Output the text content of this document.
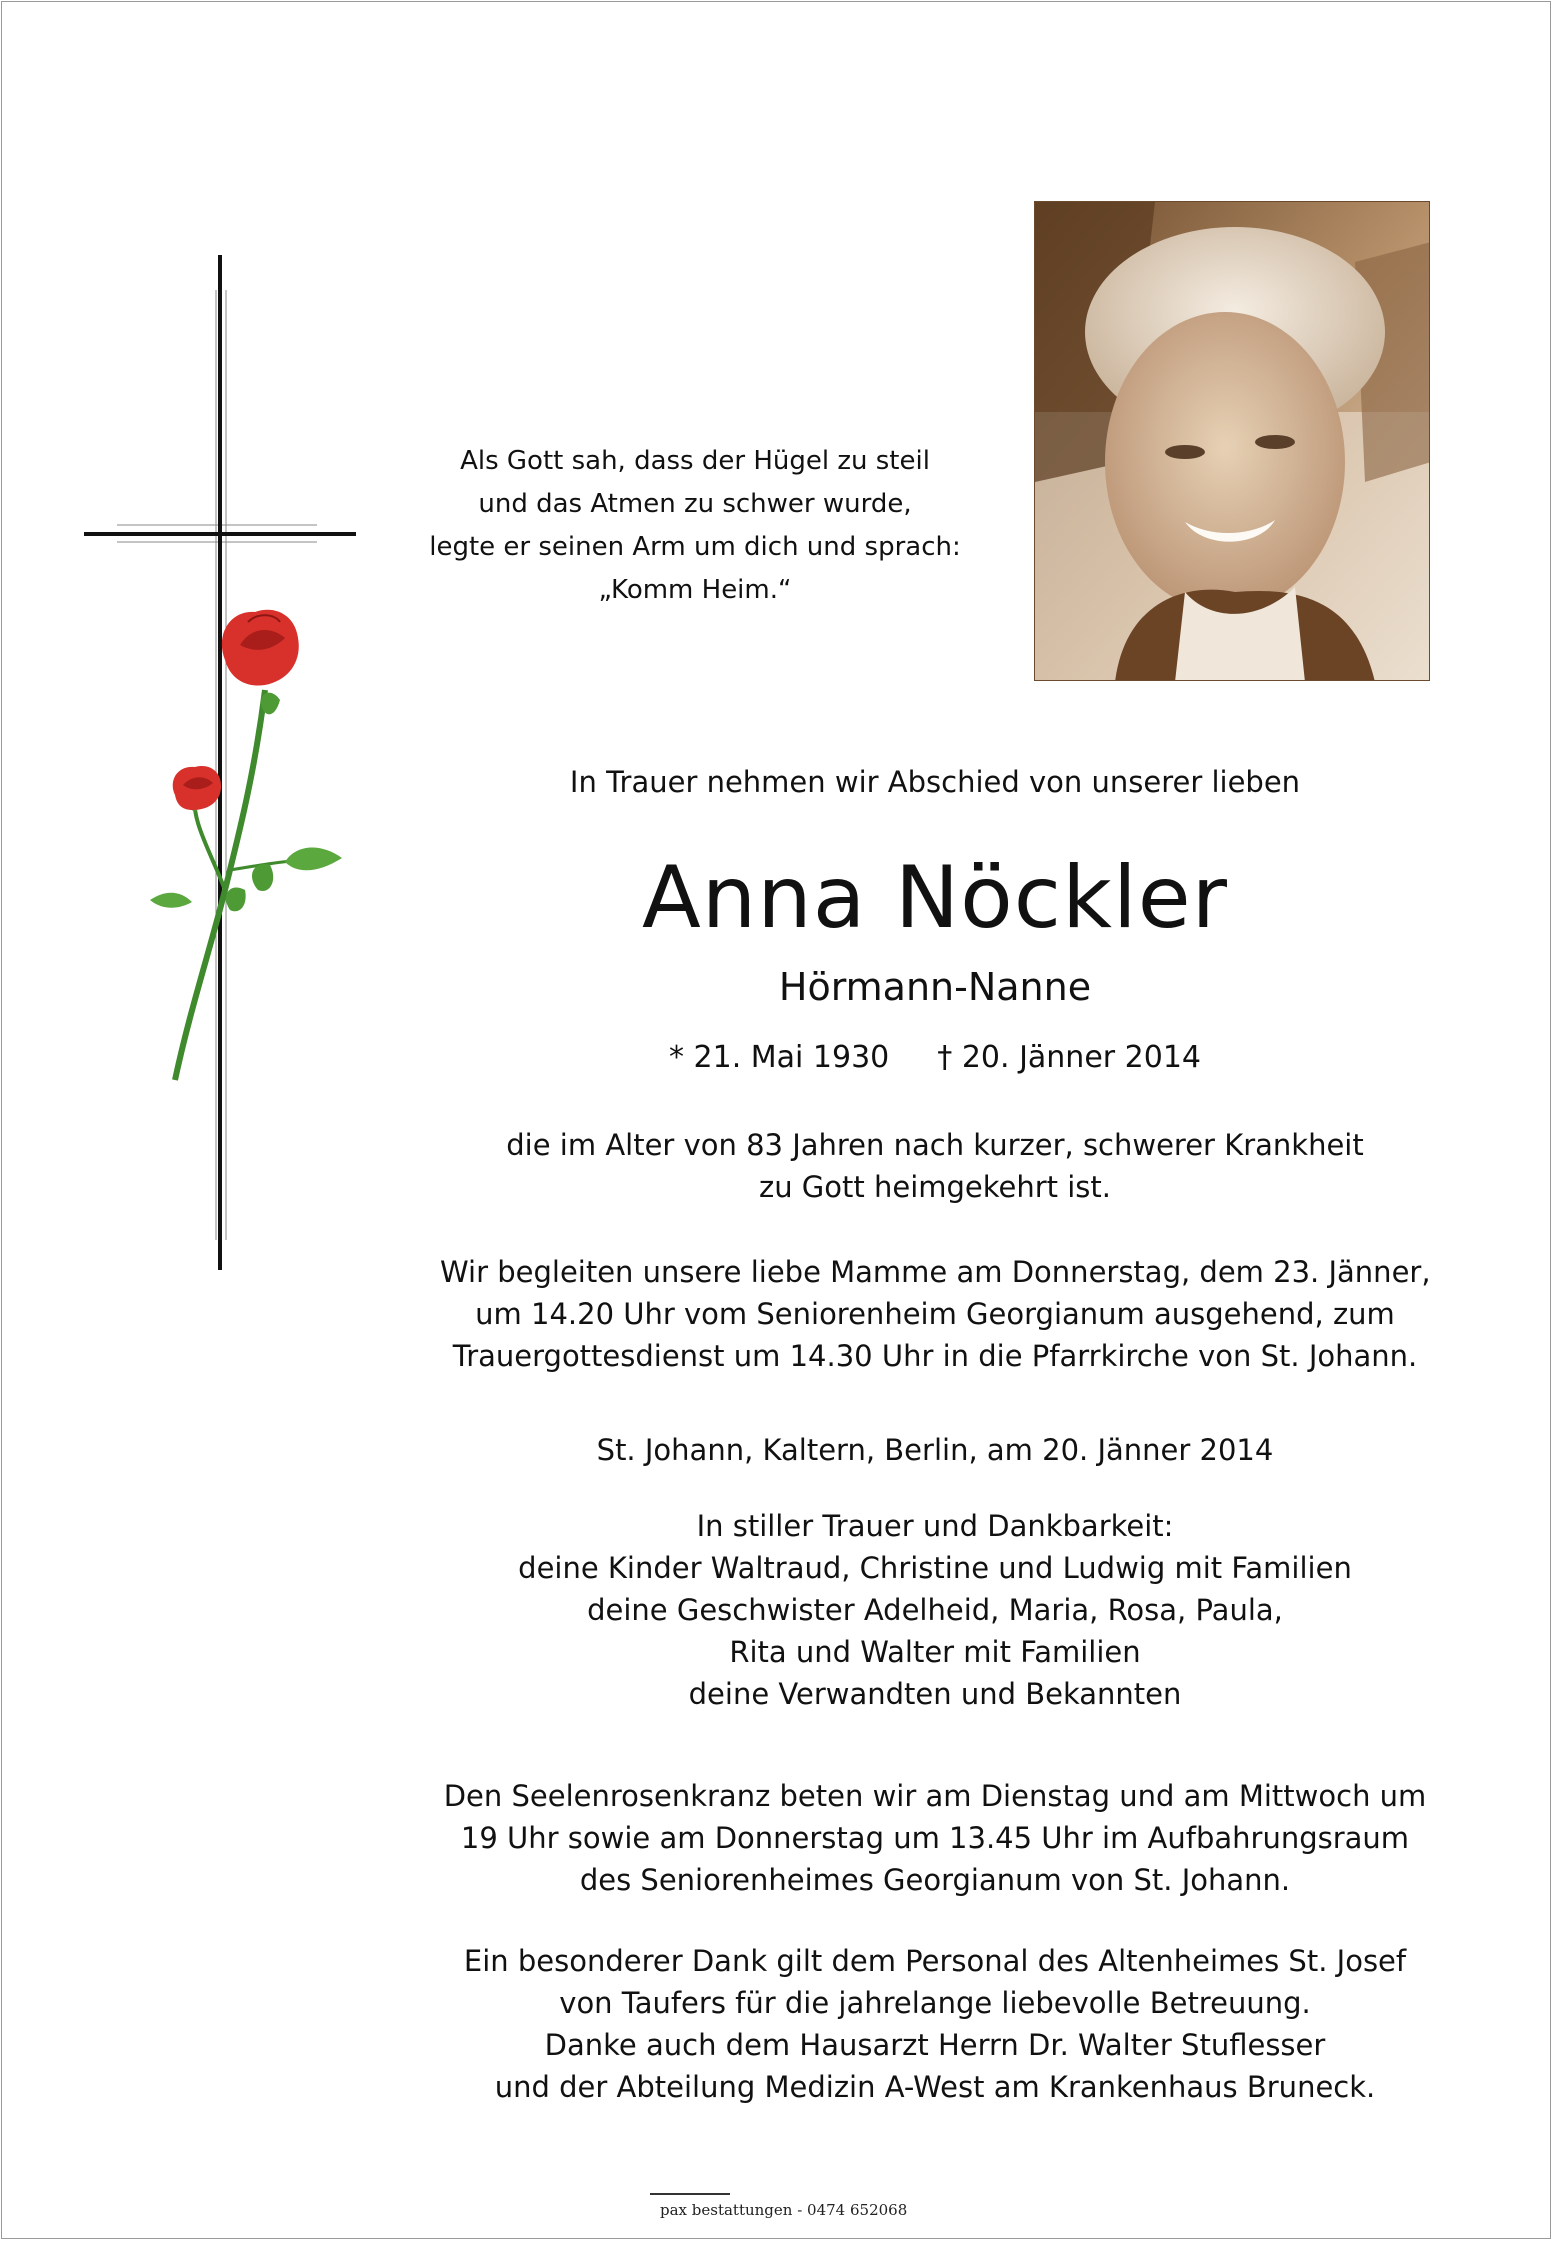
Als Gott sah, dass der Hügel zu steil
und das Atmen zu schwer wurde,
legte er seinen Arm um dich und sprach:
„Komm Heim.“
In Trauer nehmen wir Abschied von unserer lieben
Anna Nöckler
Hörmann-Nanne
* 21. Mai 1930 † 20. Jänner 2014
die im Alter von 83 Jahren nach kurzer, schwerer Krankheit
zu Gott heimgekehrt ist.
Wir begleiten unsere liebe Mamme am Donnerstag, dem 23. Jänner,
um 14.20 Uhr vom Seniorenheim Georgianum ausgehend, zum
Trauergottesdienst um 14.30 Uhr in die Pfarrkirche von St. Johann.
St. Johann, Kaltern, Berlin, am 20. Jänner 2014
In stiller Trauer und Dankbarkeit:
deine Kinder Waltraud, Christine und Ludwig mit Familien
deine Geschwister Adelheid, Maria, Rosa, Paula,
Rita und Walter mit Familien
deine Verwandten und Bekannten
Den Seelenrosenkranz beten wir am Dienstag und am Mittwoch um
19 Uhr sowie am Donnerstag um 13.45 Uhr im Aufbahrungsraum
des Seniorenheimes Georgianum von St. Johann.
Ein besonderer Dank gilt dem Personal des Altenheimes St. Josef
von Taufers für die jahrelange liebevolle Betreuung.
Danke auch dem Hausarzt Herrn Dr. Walter Stuflesser
und der Abteilung Medizin A-West am Krankenhaus Bruneck.
pax bestattungen - 0474 652068
